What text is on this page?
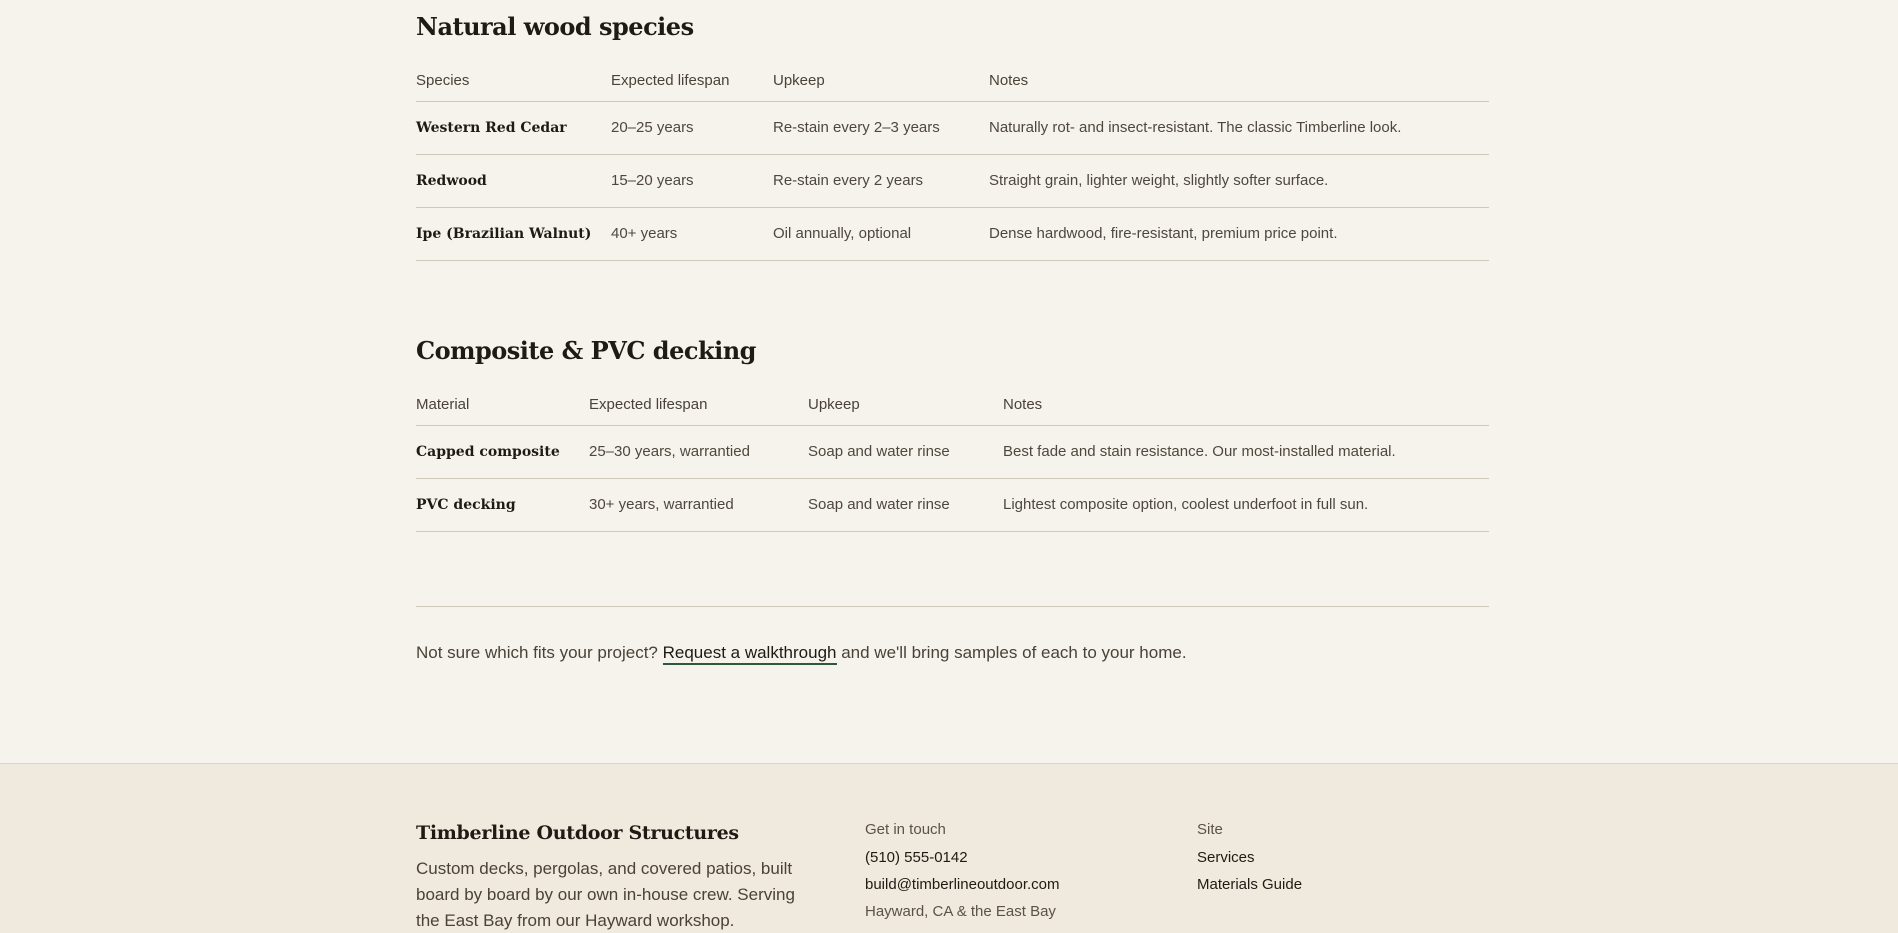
Natural wood species
Species	Expected lifespan	Upkeep	Notes
Western Red Cedar	20–25 years	Re-stain every 2–3 years	Naturally rot- and insect-resistant. The classic Timberline look.
Redwood	15–20 years	Re-stain every 2 years	Straight grain, lighter weight, slightly softer surface.
Ipe (Brazilian Walnut)	40+ years	Oil annually, optional	Dense hardwood, fire-resistant, premium price point.
Composite & PVC decking
Material	Expected lifespan	Upkeep	Notes
Capped composite	25–30 years, warrantied	Soap and water rinse	Best fade and stain resistance. Our most-installed material.
PVC decking	30+ years, warrantied	Soap and water rinse	Lightest composite option, coolest underfoot in full sun.

Not sure which fits your project? Request a walkthrough and we'll bring samples of each to your home.

Timberline Outdoor Structures

Custom decks, pergolas, and covered patios, built board by board by our own in-house crew. Serving the East Bay from our Hayward workshop.

Get in touch
(510) 555-0142
build@timberlineoutdoor.com
Hayward, CA & the East Bay
Site
Services
Materials Guide
